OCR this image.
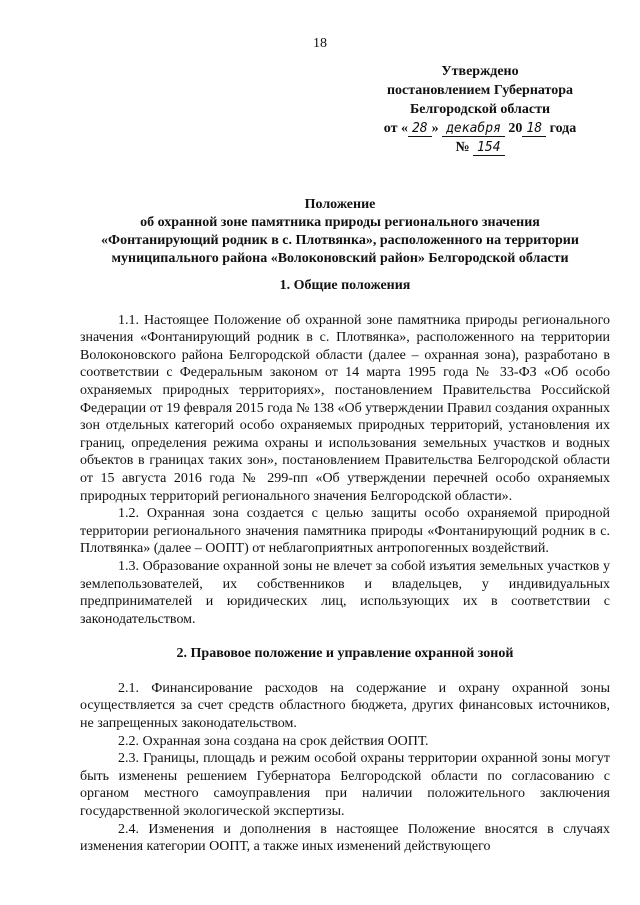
18
Утверждено
постановлением Губернатора
Белгородской области
от « 28 » декабря 20 18 года
№ 154
Положение
об охранной зоне памятника природы регионального значения
«Фонтанирующий родник в с. Плотвянка», расположенного на территории
муниципального района «Волоконовский район» Белгородской области
1. Общие положения

1.1. Настоящее Положение об охранной зоне памятника природы регионального значения «Фонтанирующий родник в с. Плотвянка», расположенного на территории Волоконовского района Белгородской области (далее – охранная зона), разработано в соответствии с Федеральным законом от 14 марта 1995 года № 33-ФЗ «Об особо охраняемых природных территориях», постановлением Правительства Российской Федерации от 19 февраля 2015 года № 138 «Об утверждении Правил создания охранных зон отдельных категорий особо охраняемых природных территорий, установления их границ, определения режима охраны и использования земельных участков и водных объектов в границах таких зон», постановлением Правительства Белгородской области от 15 августа 2016 года № 299-пп «Об утверждении перечней особо охраняемых природных территорий регионального значения Белгородской области».

1.2. Охранная зона создается с целью защиты особо охраняемой природной территории регионального значения памятника природы «Фонтанирующий родник в с. Плотвянка» (далее – ООПТ) от неблагоприятных антропогенных воздействий.

1.3. Образование охранной зоны не влечет за собой изъятия земельных участков у землепользователей, их собственников и владельцев, у индивидуальных предпринимателей и юридических лиц, использующих их в соответствии с законодательством.

2. Правовое положение и управление охранной зоной

2.1. Финансирование расходов на содержание и охрану охранной зоны осуществляется за счет средств областного бюджета, других финансовых источников, не запрещенных законодательством.

2.2. Охранная зона создана на срок действия ООПТ.

2.3. Границы, площадь и режим особой охраны территории охранной зоны могут быть изменены решением Губернатора Белгородской области по согласованию с органом местного самоуправления при наличии положительного заключения государственной экологической экспертизы.

2.4. Изменения и дополнения в настоящее Положение вносятся в случаях изменения категории ООПТ, а также иных изменений действующего
